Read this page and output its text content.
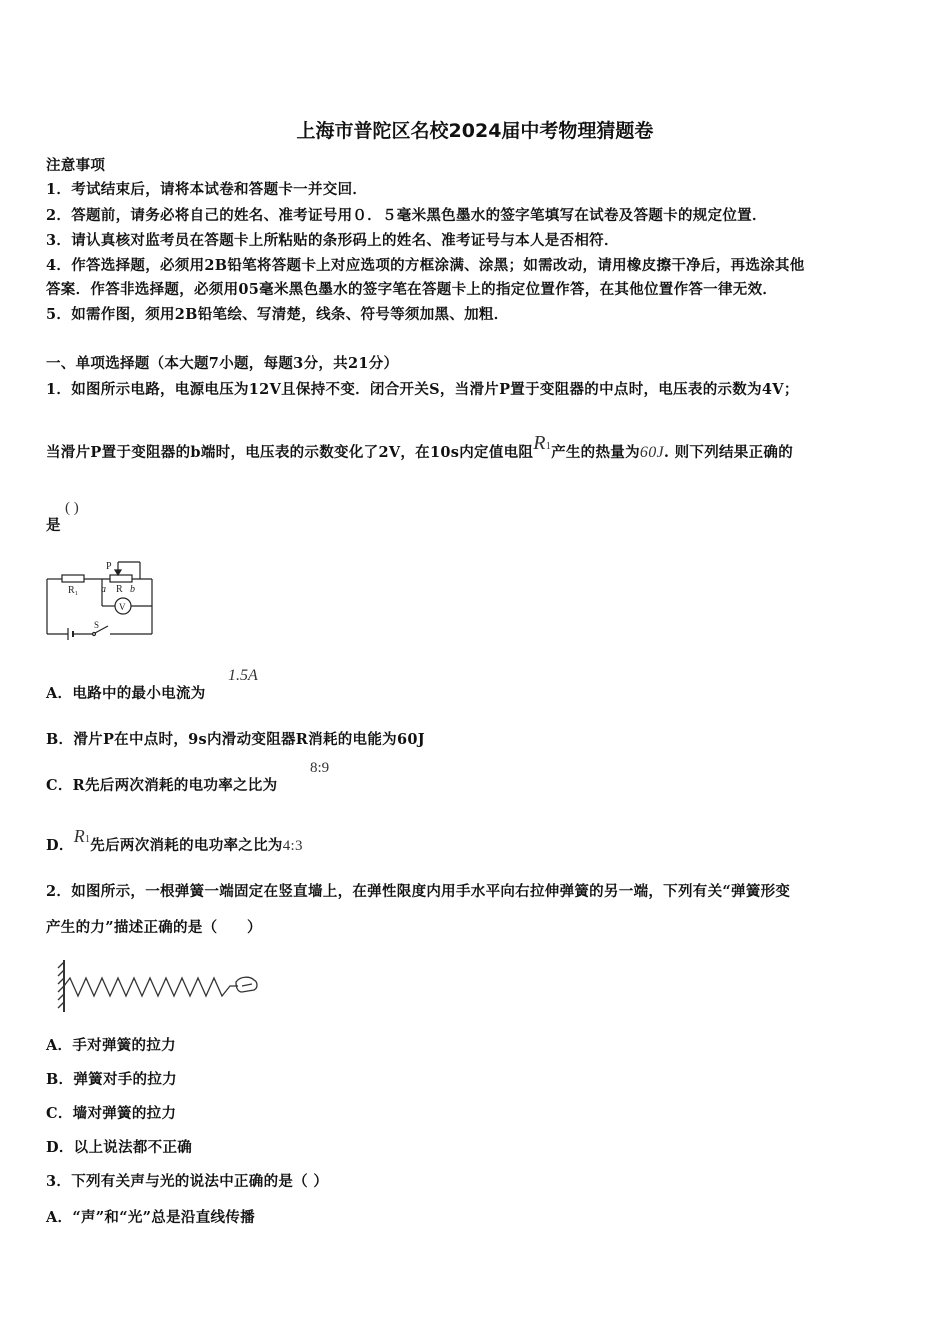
上海市普陀区名校2024届中考物理猜题卷
注意事项
1．考试结束后，请将本试卷和答题卡一并交回．
2．答题前，请务必将自己的姓名、准考证号用０．５毫米黑色墨水的签字笔填写在试卷及答题卡的规定位置．
3．请认真核对监考员在答题卡上所粘贴的条形码上的姓名、准考证号与本人是否相符．
4．作答选择题，必须用2B铅笔将答题卡上对应选项的方框涂满、涂黑；如需改动，请用橡皮擦干净后，再选涂其他
答案．作答非选择题，必须用05毫米黑色墨水的签字笔在答题卡上的指定位置作答，在其他位置作答一律无效．
5．如需作图，须用2B铅笔绘、写清楚，线条、符号等须加黑、加粗．
一、单项选择题（本大题7小题，每题3分，共21分）
1．如图所示电路，电源电压为12V且保持不变．闭合开关S，当滑片P置于变阻器的中点时，电压表的示数为4V；
当滑片P置于变阻器的b端时，电压表的示数变化了2V，在10s内定值电阻R1产生的热量为60J. 则下列结果正确的
是
( )
R₁
P
a R b
V
S
A．电路中的最小电流为
1.5A
B．滑片P在中点时，9s内滑动变阻器R消耗的电能为60J
C．R先后两次消耗的电功率之比为
8:9
D．R1先后两次消耗的电功率之比为4:3
2．如图所示，一根弹簧一端固定在竖直墙上，在弹性限度内用手水平向右拉伸弹簧的另一端，下列有关“弹簧形变
产生的力”描述正确的是（　　）
A．手对弹簧的拉力
B．弹簧对手的拉力
C．墙对弹簧的拉力
D．以上说法都不正确
3．下列有关声与光的说法中正确的是（ ）
A．“声”和“光”总是沿直线传播
